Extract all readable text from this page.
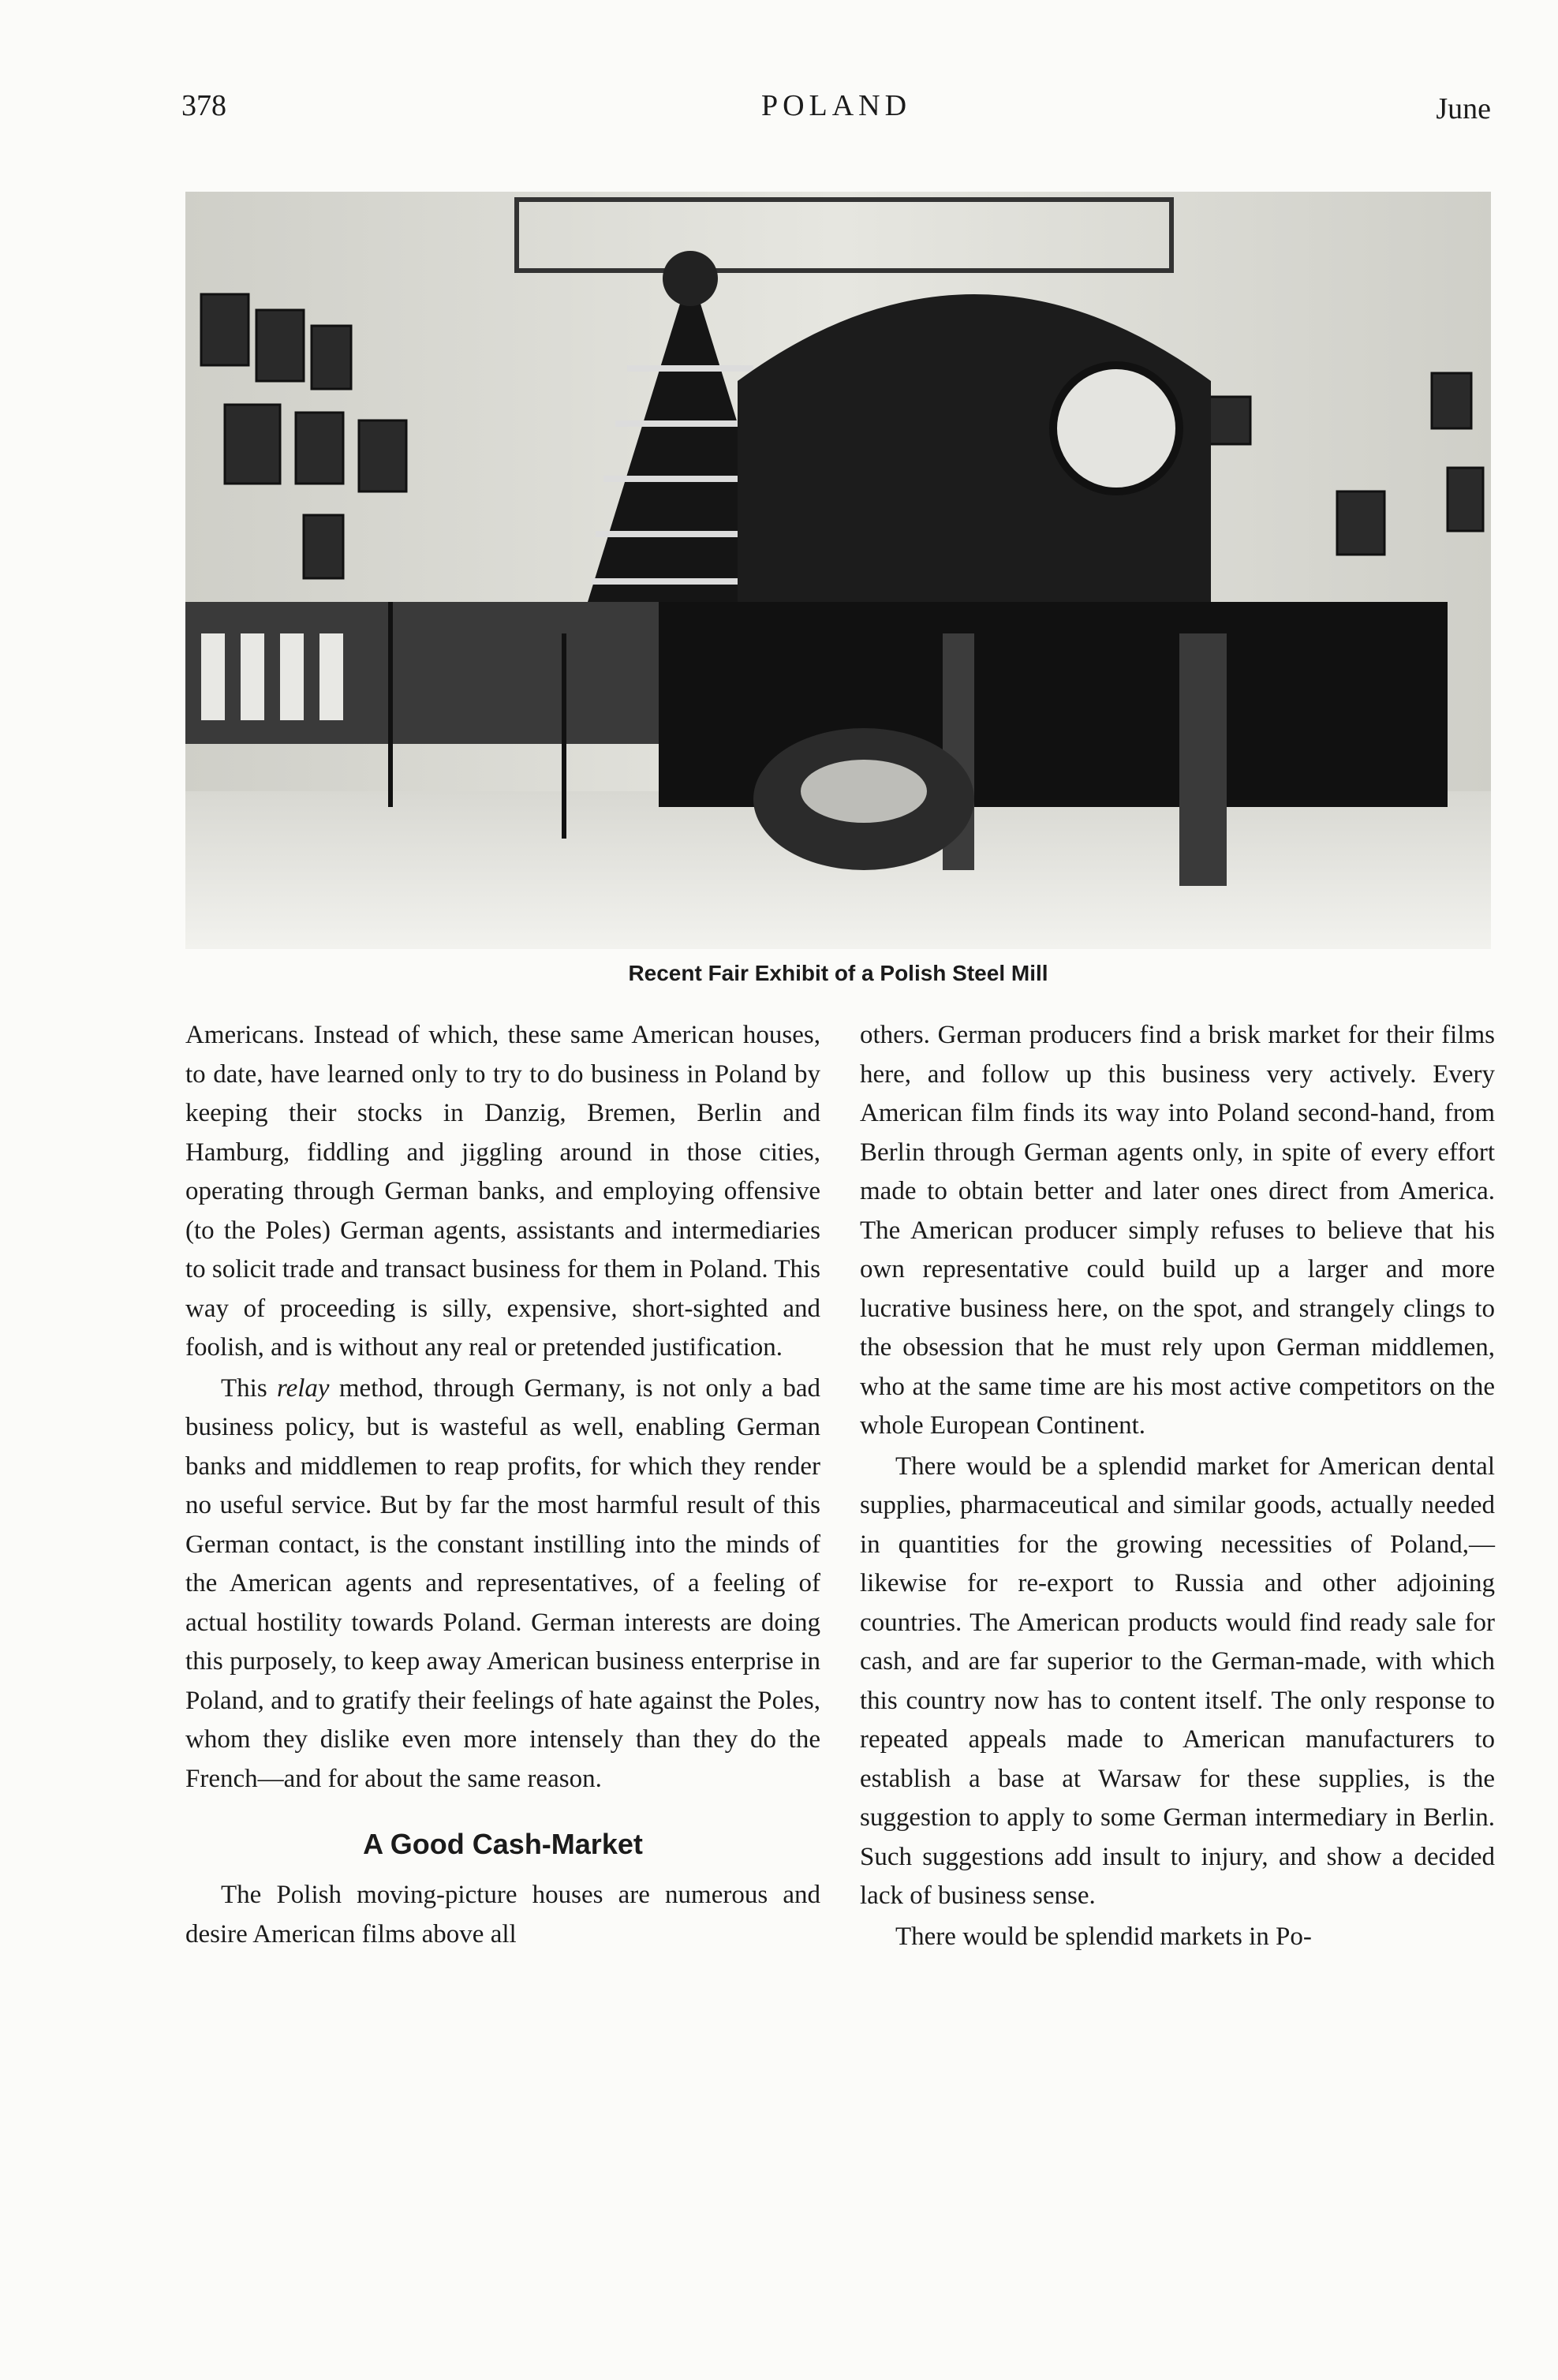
378	POLAND	June
Recent Fair Exhibit of a Polish Steel Mill

Americans. Instead of which, these same American houses, to date, have learned only to try to do business in Poland by keeping their stocks in Danzig, Bremen, Berlin and Hamburg, fiddling and jiggling around in those cities, operating through German banks, and employing offensive (to the Poles) German agents, assistants and intermediaries to solicit trade and transact business for them in Poland. This way of proceeding is silly, expensive, short-sighted and foolish, and is without any real or pretended justification.

This relay method, through Germany, is not only a bad business policy, but is wasteful as well, enabling German banks and middlemen to reap profits, for which they render no useful service. But by far the most harmful result of this German contact, is the constant instilling into the minds of the American agents and representatives, of a feeling of actual hostility towards Poland. German interests are doing this purposely, to keep away American business enterprise in Poland, and to gratify their feelings of hate against the Poles, whom they dislike even more intensely than they do the French—and for about the same reason.

A Good Cash-Market

The Polish moving-picture houses are numerous and desire American films above all

others. German producers find a brisk market for their films here, and follow up this business very actively. Every American film finds its way into Poland second-hand, from Berlin through German agents only, in spite of every effort made to obtain better and later ones direct from America. The American producer simply refuses to believe that his own representative could build up a larger and more lucrative business here, on the spot, and strangely clings to the obsession that he must rely upon German middlemen, who at the same time are his most active competitors on the whole European Continent.

There would be a splendid market for American dental supplies, pharmaceutical and similar goods, actually needed in quantities for the growing necessities of Poland,—likewise for re-export to Russia and other adjoining countries. The American products would find ready sale for cash, and are far superior to the German-made, with which this country now has to content itself. The only response to repeated appeals made to American manufacturers to establish a base at Warsaw for these supplies, is the suggestion to apply to some German intermediary in Berlin. Such suggestions add insult to injury, and show a decided lack of business sense.

There would be splendid markets in Po-
